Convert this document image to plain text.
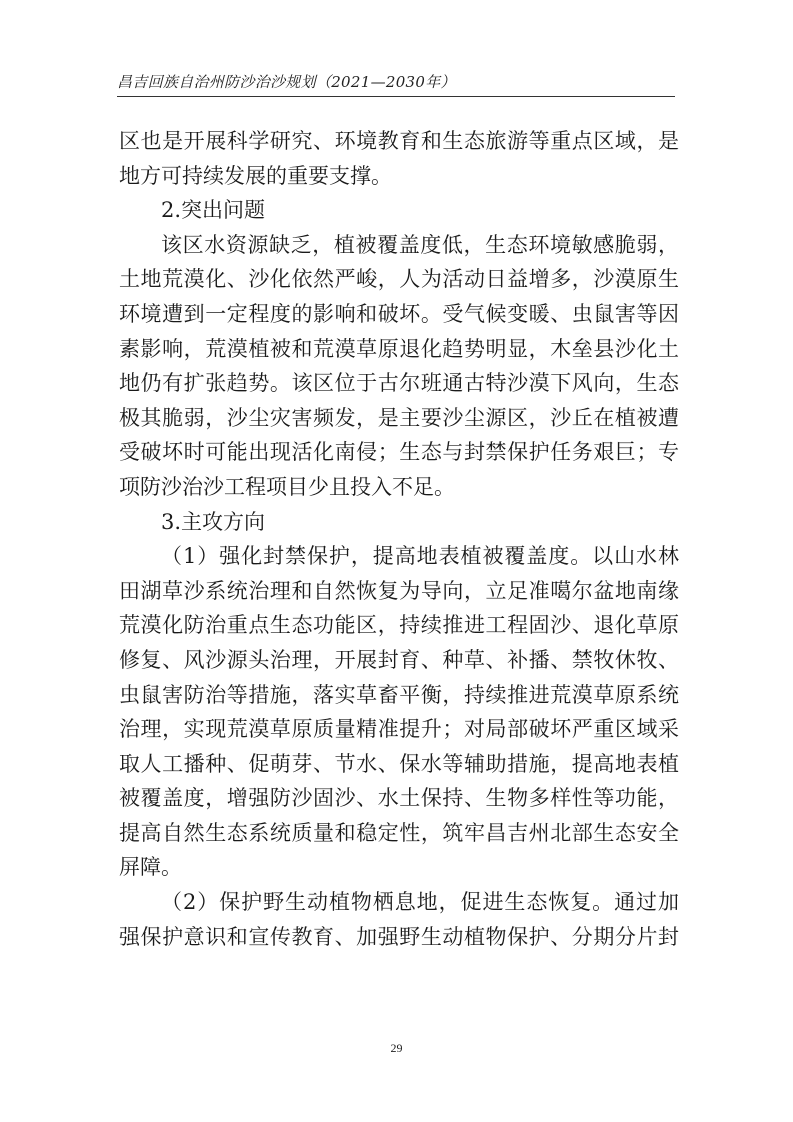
昌吉回族自治州防沙治沙规划（2021—2030年）
区也是开展科学研究、环境教育和生态旅游等重点区域，是
地方可持续发展的重要支撑。
2.突出问题
该区水资源缺乏，植被覆盖度低，生态环境敏感脆弱，
土地荒漠化、沙化依然严峻，人为活动日益增多，沙漠原生
环境遭到一定程度的影响和破坏。受气候变暖、虫鼠害等因
素影响，荒漠植被和荒漠草原退化趋势明显，木垒县沙化土
地仍有扩张趋势。该区位于古尔班通古特沙漠下风向，生态
极其脆弱，沙尘灾害频发，是主要沙尘源区，沙丘在植被遭
受破坏时可能出现活化南侵；生态与封禁保护任务艰巨；专
项防沙治沙工程项目少且投入不足。
3.主攻方向
（1）强化封禁保护，提高地表植被覆盖度。以山水林
田湖草沙系统治理和自然恢复为导向，立足准噶尔盆地南缘
荒漠化防治重点生态功能区，持续推进工程固沙、退化草原
修复、风沙源头治理，开展封育、种草、补播、禁牧休牧、
虫鼠害防治等措施，落实草畜平衡，持续推进荒漠草原系统
治理，实现荒漠草原质量精准提升；对局部破坏严重区域采
取人工播种、促萌芽、节水、保水等辅助措施，提高地表植
被覆盖度，增强防沙固沙、水土保持、生物多样性等功能，
提高自然生态系统质量和稳定性，筑牢昌吉州北部生态安全
屏障。
（2）保护野生动植物栖息地，促进生态恢复。通过加
强保护意识和宣传教育、加强野生动植物保护、分期分片封
29
